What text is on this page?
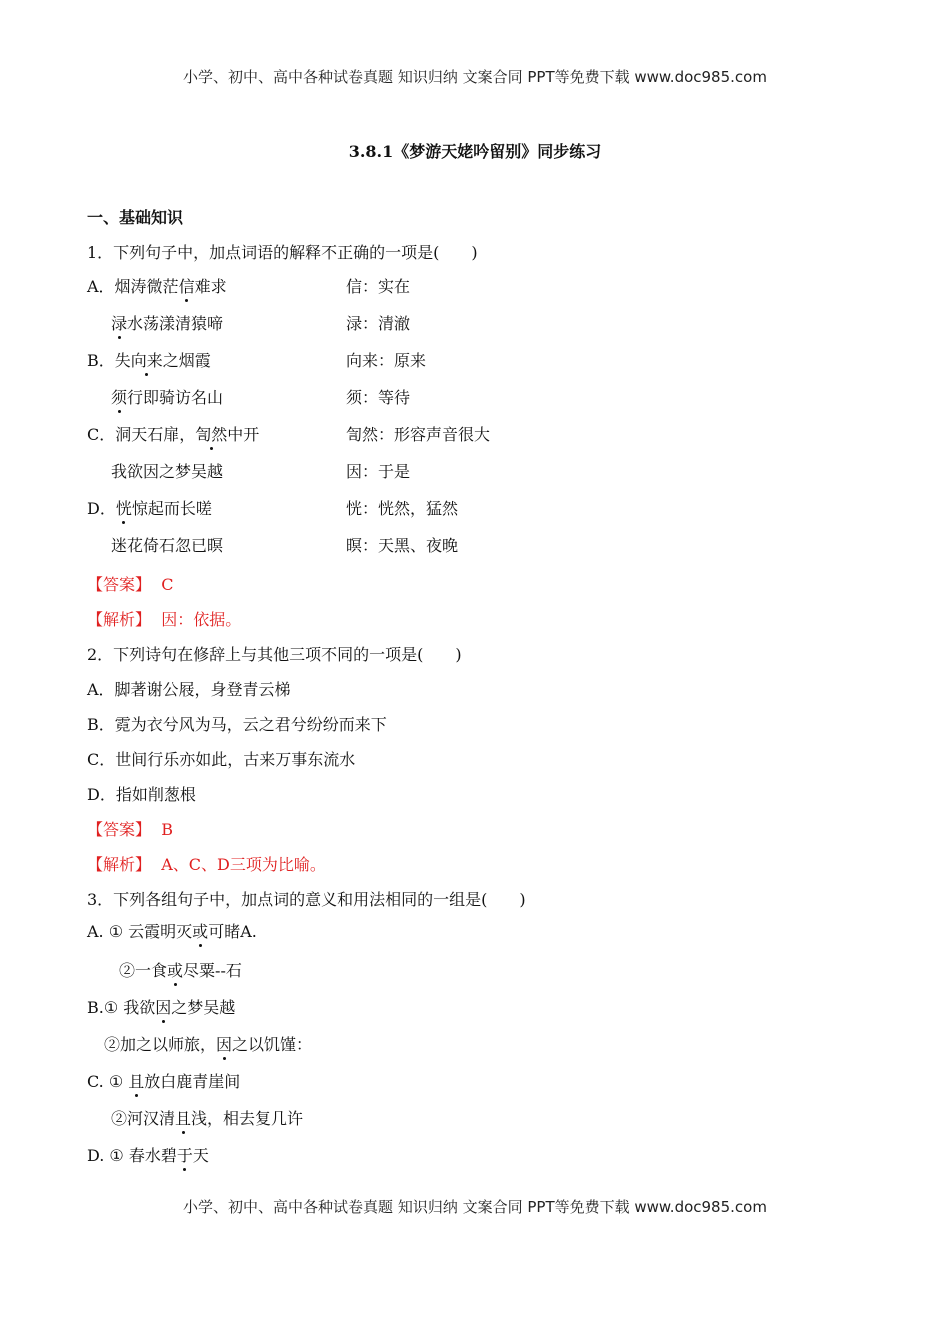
小学、初中、高中各种试卷真题 知识归纳 文案合同 PPT等免费下载 www.doc985.com
3.8.1《梦游天姥吟留别》同步练习
一、基础知识
1．下列句子中，加点词语的解释不正确的一项是(　　)
A．烟涛微茫信难求	信：实在
渌水荡漾清猿啼	渌：清澈
B．失向来之烟霞	向来：原来
须行即骑访名山	须：等待
C．洞天石扉，訇然中开	訇然：形容声音很大
我欲因之梦吴越	因：于是
D．恍惊起而长嗟	恍：恍然，猛然
迷花倚石忽已暝	暝：天黑、夜晚
【答案】 C
【解析】 因：依据。
2．下列诗句在修辞上与其他三项不同的一项是(　　)
A．脚著谢公屐，身登青云梯
B．霓为衣兮风为马，云之君兮纷纷而来下
C．世间行乐亦如此，古来万事东流水
D．指如削葱根
【答案】 B
【解析】 A、C、D三项为比喻。
3．下列各组句子中，加点词的意义和用法相同的一组是(　　)
A. ① 云霞明灭或可睹A.
②一食或尽粟--石
B.① 我欲因之梦吴越
②加之以师旅，因之以饥馑：
C. ① 且放白鹿青崖间
②河汉清且浅，相去复几许
D. ① 春水碧于天
小学、初中、高中各种试卷真题 知识归纳 文案合同 PPT等免费下载 www.doc985.com
